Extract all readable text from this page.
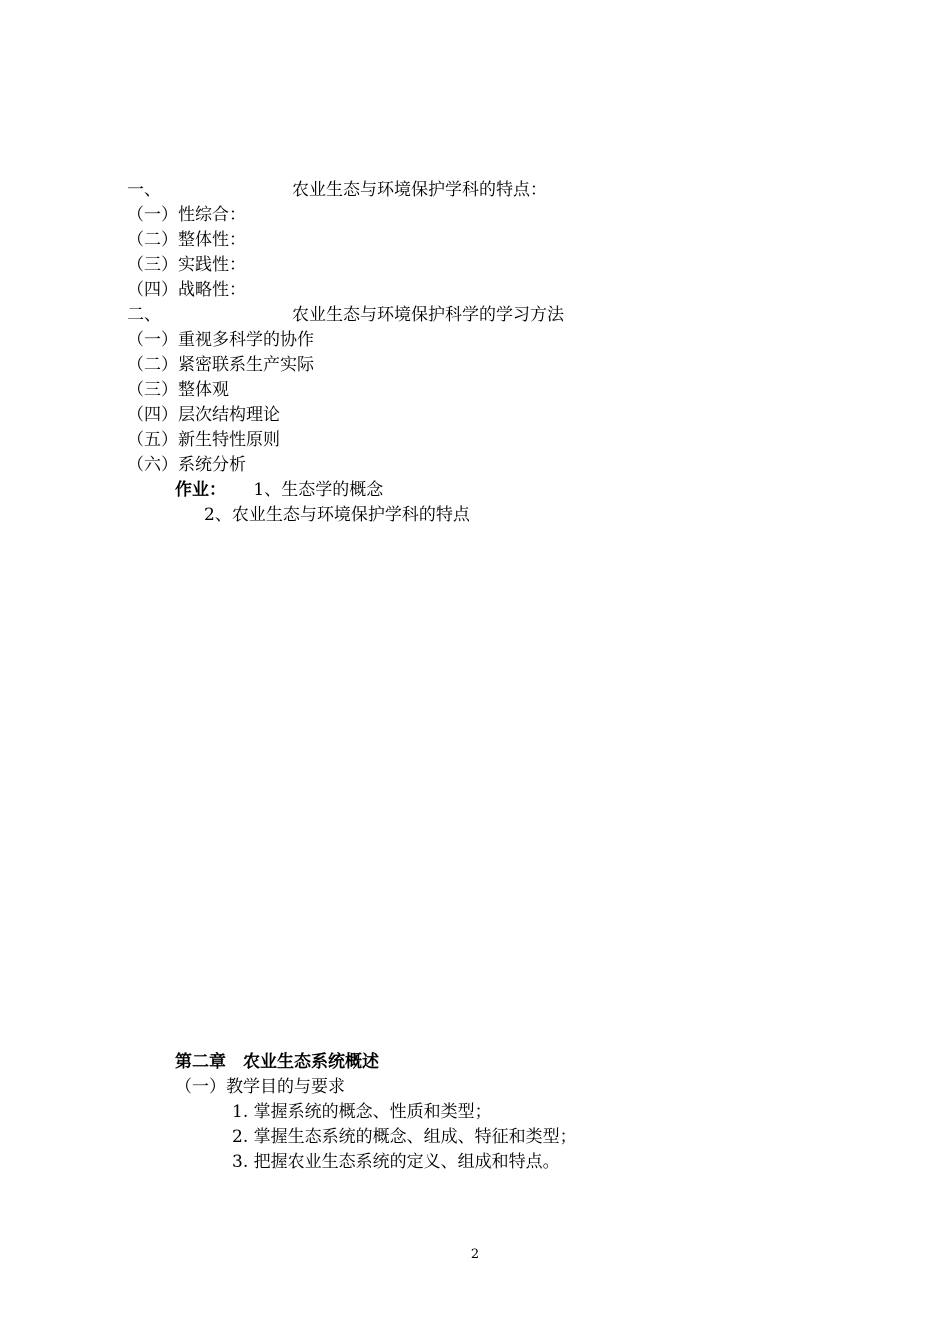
一、	农业生态与环境保护学科的特点：
（一）性综合：
（二）整体性：
（三）实践性：
（四）战略性：
二、	农业生态与环境保护科学的学习方法
（一）重视多科学的协作
（二）紧密联系生产实际
（三）整体观
（四）层次结构理论
（五）新生特性原则
（六）系统分析
作业： 1、生态学的概念
2、农业生态与环境保护学科的特点
第二章　农业生态系统概述
（一）教学目的与要求
1. 掌握系统的概念、性质和类型；
2. 掌握生态系统的概念、组成、特征和类型；
3. 把握农业生态系统的定义、组成和特点。
2
